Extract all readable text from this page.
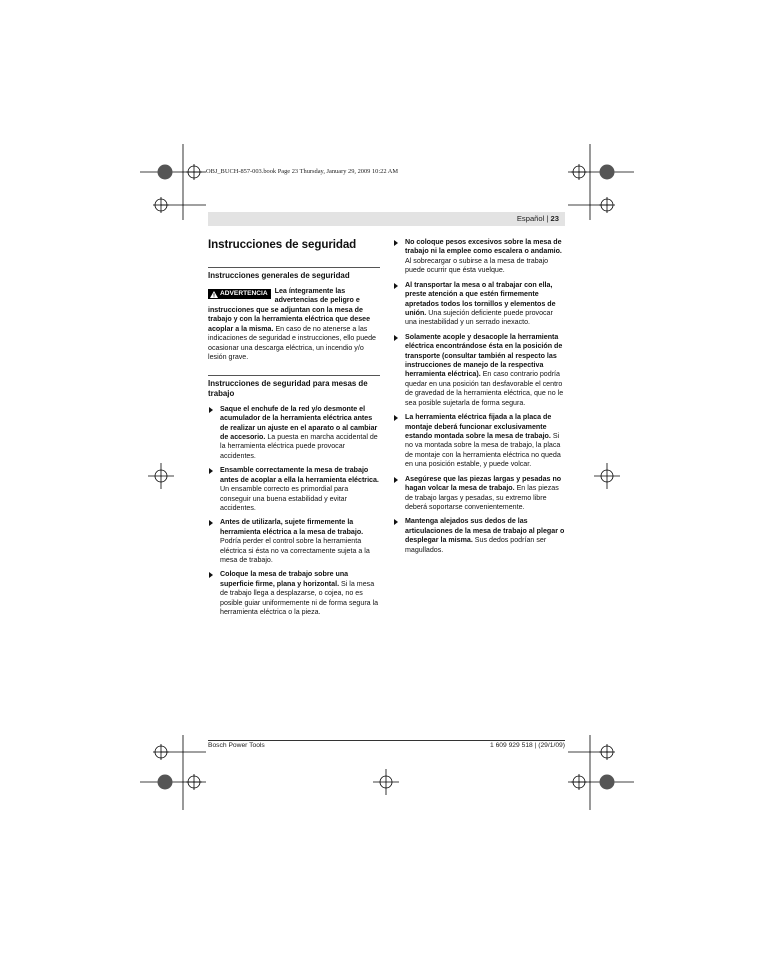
OBJ_BUCH-857-003.book Page 23 Thursday, January 29, 2009 10:22 AM
Español | 23
Instrucciones de seguridad
Instrucciones generales de seguridad
ADVERTENCIA Lea íntegramente las advertencias de peligro e instrucciones que se adjuntan con la mesa de trabajo y con la herramienta eléctrica que desee acoplar a la misma. En caso de no atenerse a las indicaciones de seguridad e instrucciones, ello puede ocasionar una descarga eléctrica, un incendio y/o lesión grave.
Instrucciones de seguridad para mesas de trabajo
Saque el enchufe de la red y/o desmonte el acumulador de la herramienta eléctrica antes de realizar un ajuste en el aparato o al cambiar de accesorio. La puesta en marcha accidental de la herramienta eléctrica puede provocar accidentes.
Ensamble correctamente la mesa de trabajo antes de acoplar a ella la herramienta eléctrica. Un ensamble correcto es primordial para conseguir una buena estabilidad y evitar accidentes.
Antes de utilizarla, sujete firmemente la herramienta eléctrica a la mesa de trabajo. Podría perder el control sobre la herramienta eléctrica si ésta no va correctamente sujeta a la mesa de trabajo.
Coloque la mesa de trabajo sobre una superficie firme, plana y horizontal. Si la mesa de trabajo llega a desplazarse, o cojea, no es posible guiar uniformemente ni de forma segura la herramienta eléctrica o la pieza.
No coloque pesos excesivos sobre la mesa de trabajo ni la emplee como escalera o andamio. Al sobrecargar o subirse a la mesa de trabajo puede ocurrir que ésta vuelque.
Al transportar la mesa o al trabajar con ella, preste atención a que estén firmemente apretados todos los tornillos y elementos de unión. Una sujeción deficiente puede provocar una inestabilidad y un serrado inexacto.
Solamente acople y desacople la herramienta eléctrica encontrándose ésta en la posición de transporte (consultar también al respecto las instrucciones de manejo de la respectiva herramienta eléctrica). En caso contrario podría quedar en una posición tan desfavorable el centro de gravedad de la herramienta eléctrica, que no le sea posible sujetarla de forma segura.
La herramienta eléctrica fijada a la placa de montaje deberá funcionar exclusivamente estando montada sobre la mesa de trabajo. Si no va montada sobre la mesa de trabajo, la placa de montaje con la herramienta eléctrica no queda en una posición estable, y puede volcar.
Asegúrese que las piezas largas y pesadas no hagan volcar la mesa de trabajo. En las piezas de trabajo largas y pesadas, su extremo libre deberá soportarse convenientemente.
Mantenga alejados sus dedos de las articulaciones de la mesa de trabajo al plegar o desplegar la misma. Sus dedos podrían ser magullados.
Bosch Power Tools	1 609 929 518 | (29/1/09)
